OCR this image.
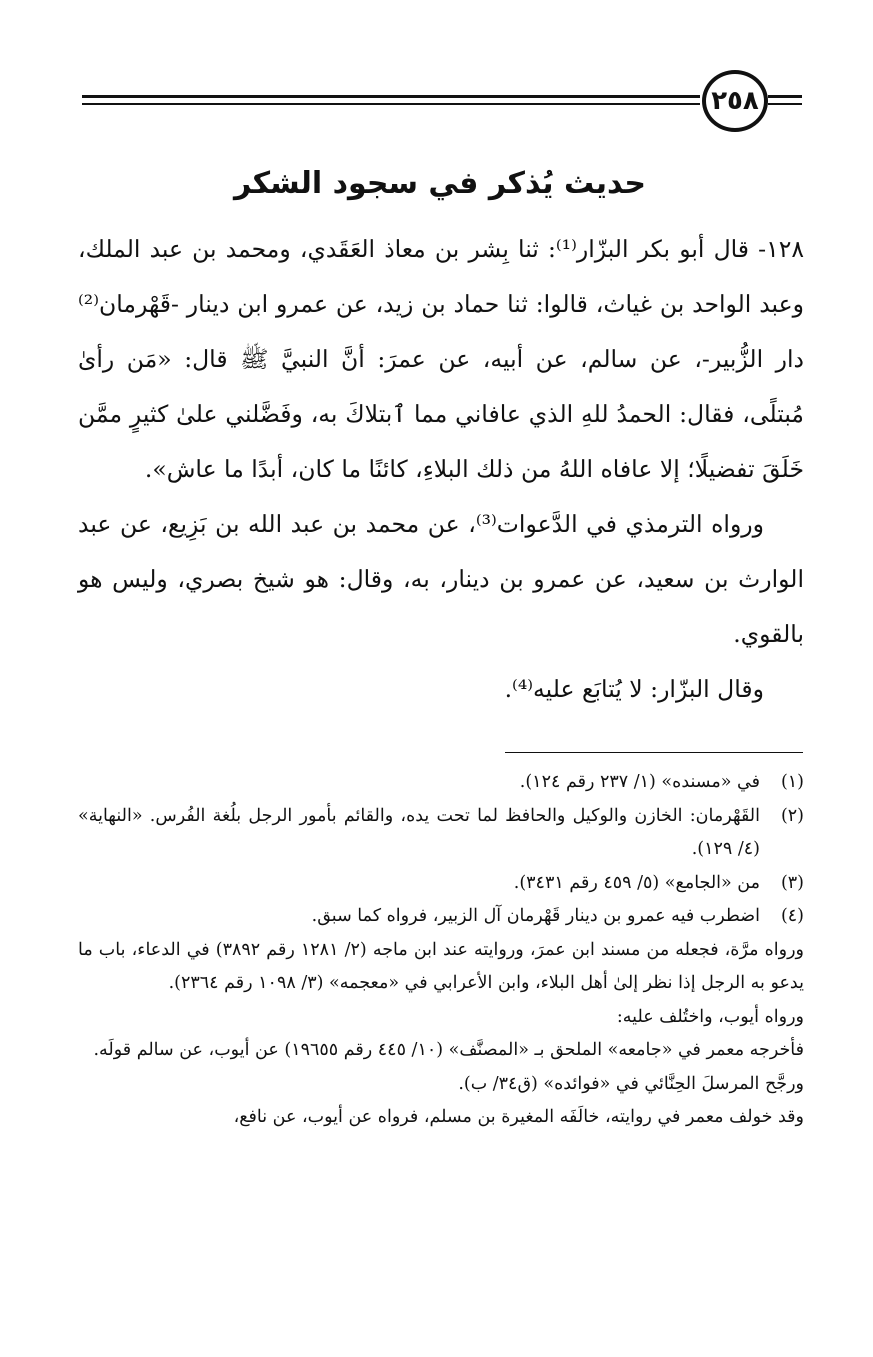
٢٥٨
حديث يُذكر في سجود الشكر

١٢٨- قال أبو بكر البزّار⁽¹⁾: ثنا بِشر بن معاذ العَقَدي، ومحمد بن عبد الملك، وعبد الواحد بن غياث، قالوا: ثنا حماد بن زيد، عن عمرو ابن دينار -قَهْرمان⁽²⁾ دار الزُّبير-، عن سالم، عن أبيه، عن عمرَ: أنَّ النبيَّ ﷺ قال: «مَن رأىٰ مُبتلًى، فقال: الحمدُ للهِ الذي عافاني مما ٱبتلاكَ به، وفَضَّلني علىٰ كثيرٍ ممَّن خَلَقَ تفضيلًا؛ إلا عافاه اللهُ من ذلك البلاءِ، كائنًا ما كان، أبدًا ما عاش».

ورواه الترمذي في الدَّعوات⁽³⁾، عن محمد بن عبد الله بن بَزِيع، عن عبد الوارث بن سعيد، عن عمرو بن دينار، به، وقال: هو شيخ بصري، وليس هو بالقوي.

وقال البزّار: لا يُتابَع عليه⁽⁴⁾.

(١)
في «مسنده» (١/ ٢٣٧ رقم ١٢٤).
(٢)
القَهْرمان: الخازن والوكيل والحافظ لما تحت يده، والقائم بأمور الرجل بلُغة الفُرس. «النهاية» (٤/ ١٢٩).
(٣)
من «الجامع» (٥/ ٤٥٩ رقم ٣٤٣١).
(٤)
اضطرب فيه عمرو بن دينار قَهْرمان آل الزبير، فرواه كما سبق.

ورواه مرَّة، فجعله من مسند ابن عمرَ، وروايته عند ابن ماجه (٢/ ١٢٨١ رقم ٣٨٩٢) في الدعاء، باب ما يدعو به الرجل إذا نظر إلىٰ أهل البلاء، وابن الأعرابي في «معجمه» (٣/ ١٠٩٨ رقم ٢٣٦٤).

ورواه أيوب، واختُلف عليه:

فأخرجه معمر في «جامعه» الملحق بـ «المصنَّف» (١٠/ ٤٤٥ رقم ١٩٦٥٥) عن أيوب، عن سالم قولَه.

ورجَّح المرسلَ الحِنَّائي في «فوائده» (ق٣٤/ ب).

وقد خولف معمر في روايته، خالَفَه المغيرة بن مسلم، فرواه عن أيوب، عن نافع،
